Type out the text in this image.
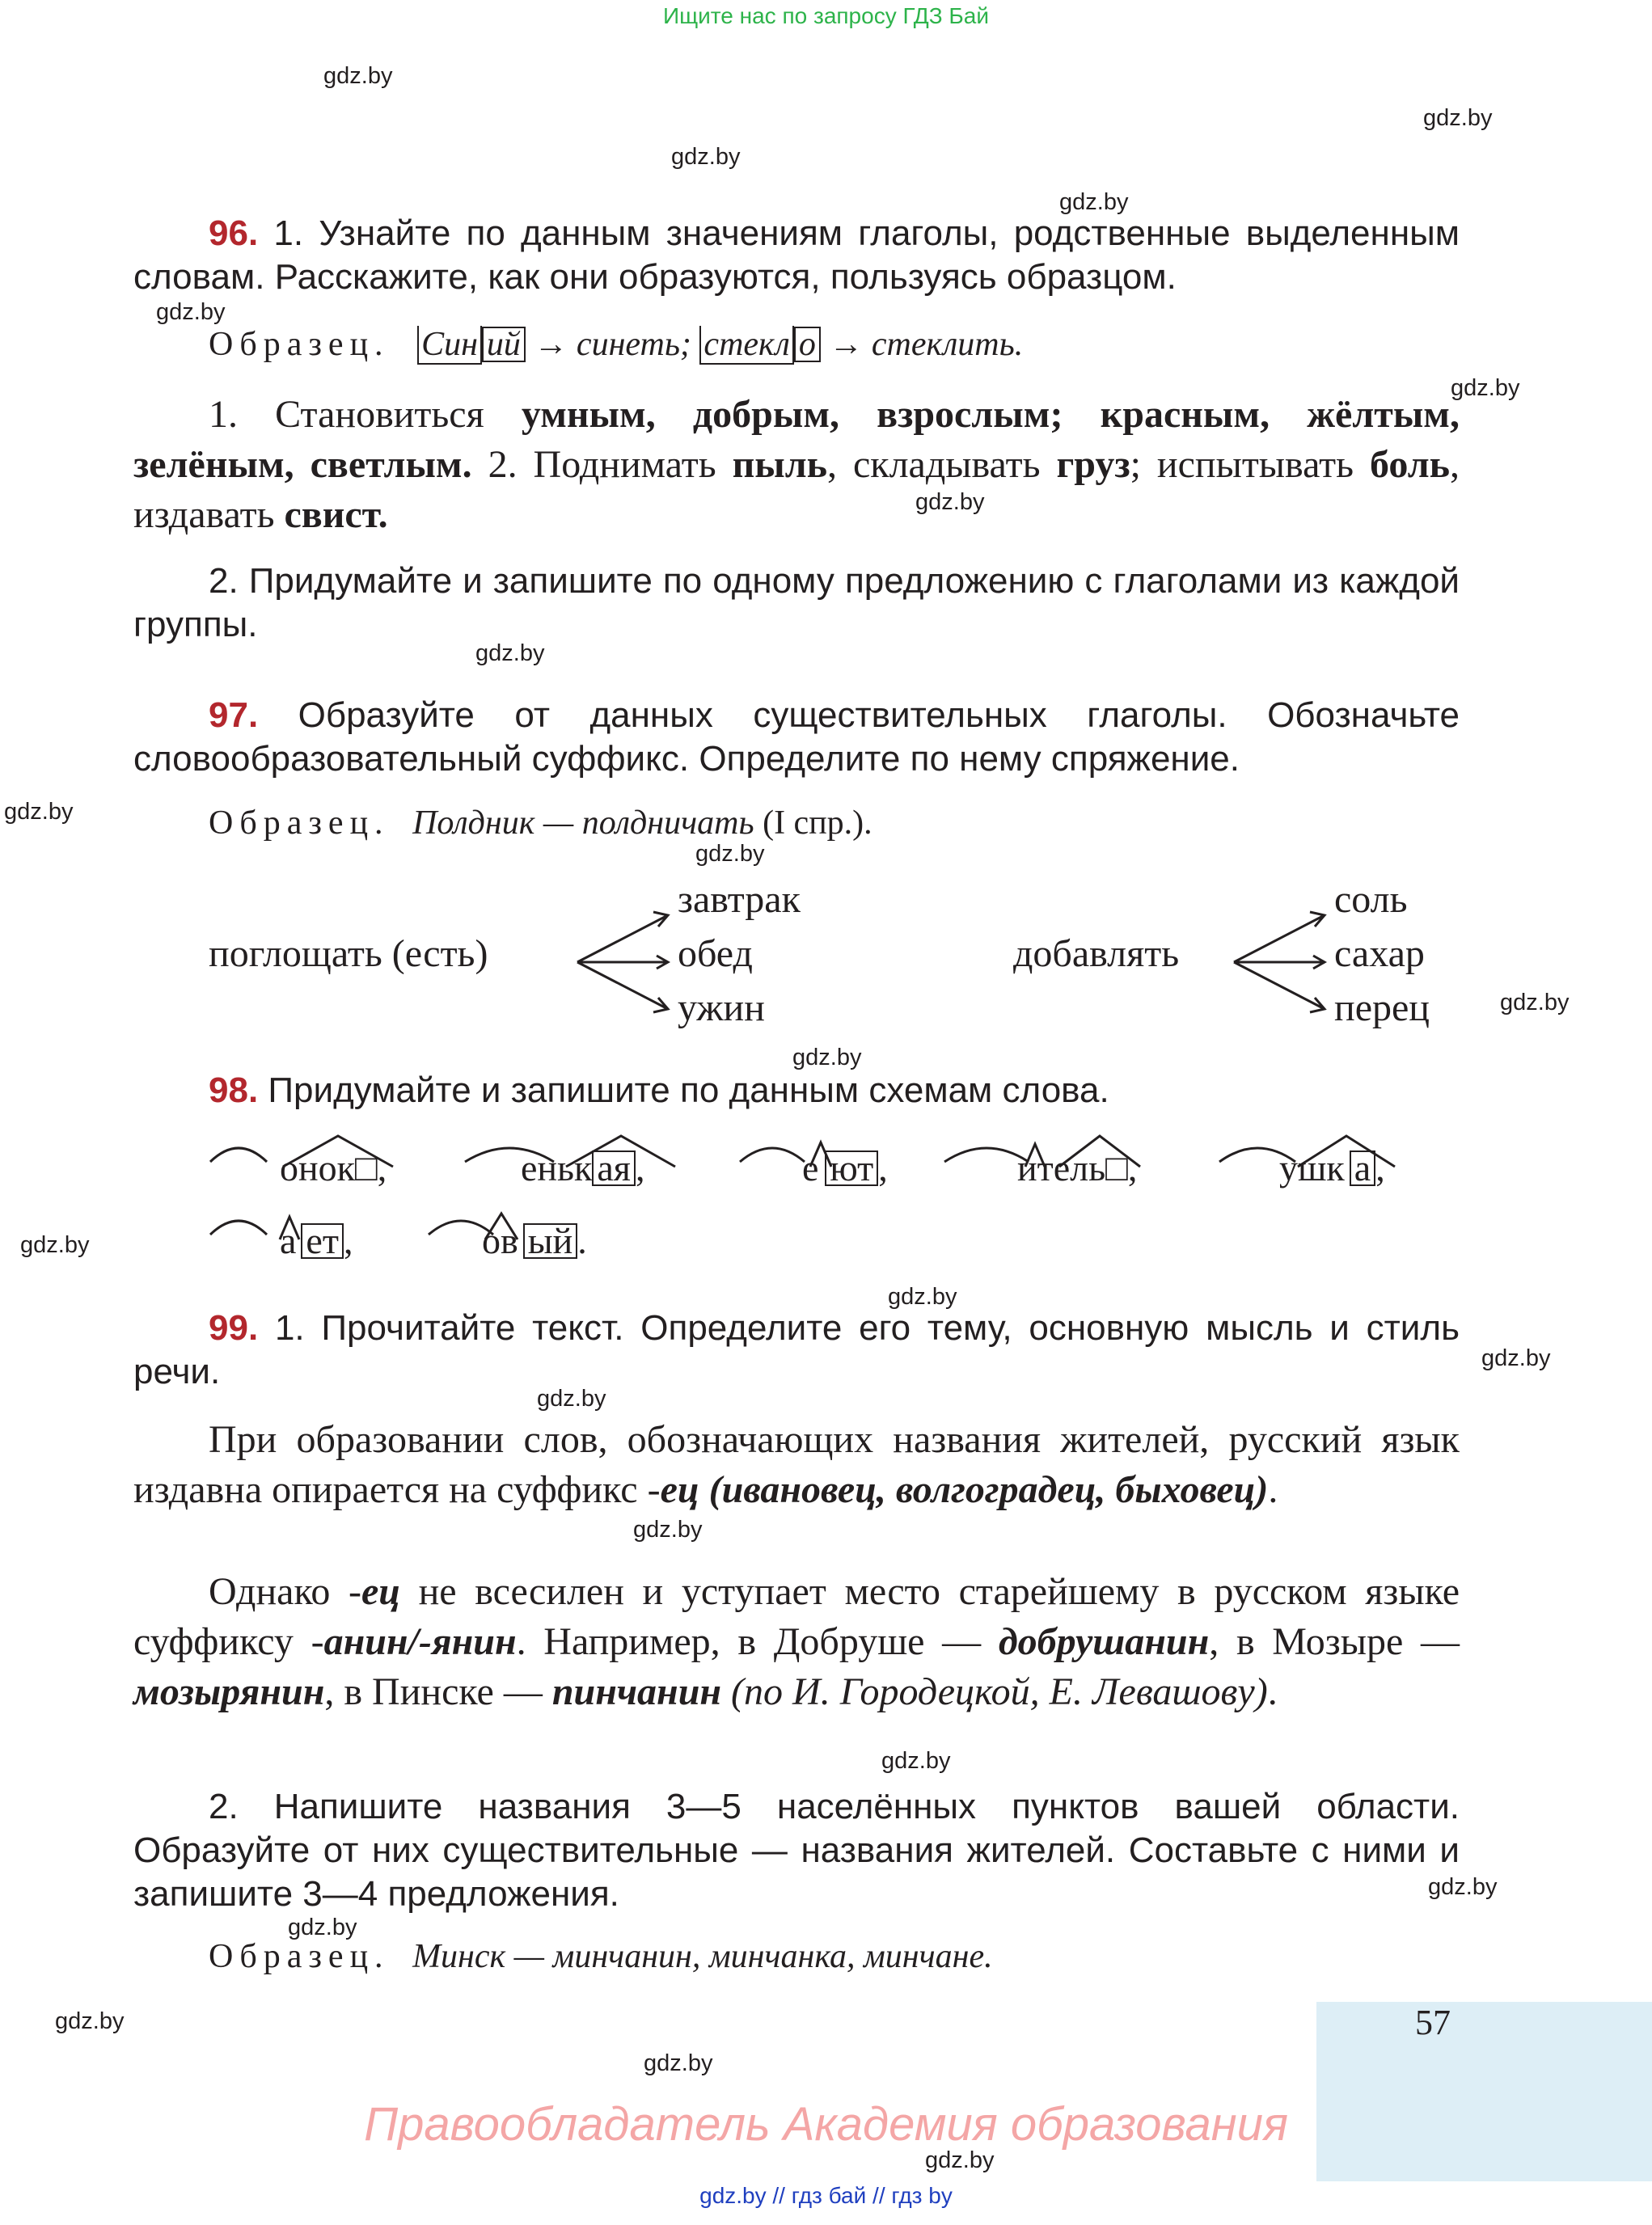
Ищите нас по запросу ГДЗ Бай
gdz.by
gdz.by
gdz.by
gdz.by
gdz.by
gdz.by
gdz.by
gdz.by
gdz.by
gdz.by
gdz.by
gdz.by
gdz.by
gdz.by
gdz.by
gdz.by
gdz.by
gdz.by
gdz.by
gdz.by
gdz.by
gdz.by
gdz.by
96. 1. Узнайте по данным значениям глаголы, родственные выделенным словам. Расскажите, как они образуются, пользуясь образцом.
Образец. Син ий → синеть; стекл о → стеклить.
1. Становиться умным, добрым, взрослым; красным, жёлтым, зелёным, светлым. 2. Поднимать пыль, складывать груз; испытывать боль, издавать свист.
2. Придумайте и запишите по одному предложению с глаголами из каждой группы.
97. Образуйте от данных существительных глаголы. Обозначьте словообразовательный суффикс. Определите по нему спряжение.
Образец. Полдник — полдничать (I спр.).
поглощать (есть)
завтрак
обед
ужин
добавлять
соль
сахар
перец
98. Придумайте и запишите по данным схемам слова.
онок□,	еньк ая ,	е ют ,	итель□,	ушк а ,
а ет ,	ов ый .
99. 1. Прочитайте текст. Определите его тему, основную мысль и стиль речи.
При образовании слов, обозначающих названия жителей, русский язык издавна опирается на суффикс -ец (ивановец, волгоградец, быховец).
Однако -ец не всесилен и уступает место старейшему в русском языке суффиксу -анин/-янин. Например, в Добруше — добрушанин, в Мозыре — мозырянин, в Пинске — пинчанин (по И. Городецкой, Е. Левашову).
2. Напишите названия 3—5 населённых пунктов вашей области. Образуйте от них существительные — названия жителей. Составьте с ними и запишите 3—4 предложения.
Образец. Минск — минчанин, минчанка, минчане.
57
Правообладатель Академия образования
gdz.by // гдз бай // гдз by
